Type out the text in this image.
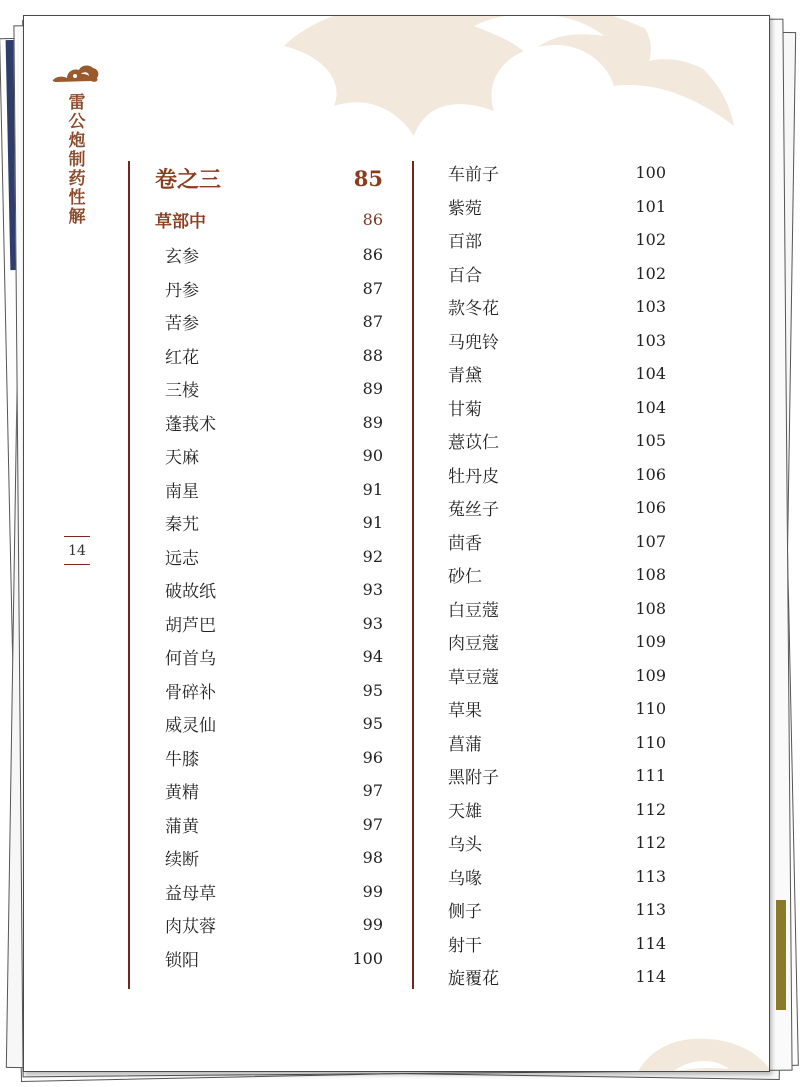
雷公炮制药性解
14
卷之三	85
草部中	86
玄参	86
丹参	87
苦参	87
红花	88
三棱	89
蓬莪术	89
天麻	90
南星	91
秦艽	91
远志	92
破故纸	93
胡芦巴	93
何首乌	94
骨碎补	95
威灵仙	95
牛膝	96
黄精	97
蒲黄	97
续断	98
益母草	99
肉苁蓉	99
锁阳	100
车前子	100
紫菀	101
百部	102
百合	102
款冬花	103
马兜铃	103
青黛	104
甘菊	104
薏苡仁	105
牡丹皮	106
菟丝子	106
茴香	107
砂仁	108
白豆蔻	108
肉豆蔻	109
草豆蔻	109
草果	110
菖蒲	110
黑附子	111
天雄	112
乌头	112
乌喙	113
侧子	113
射干	114
旋覆花	114
